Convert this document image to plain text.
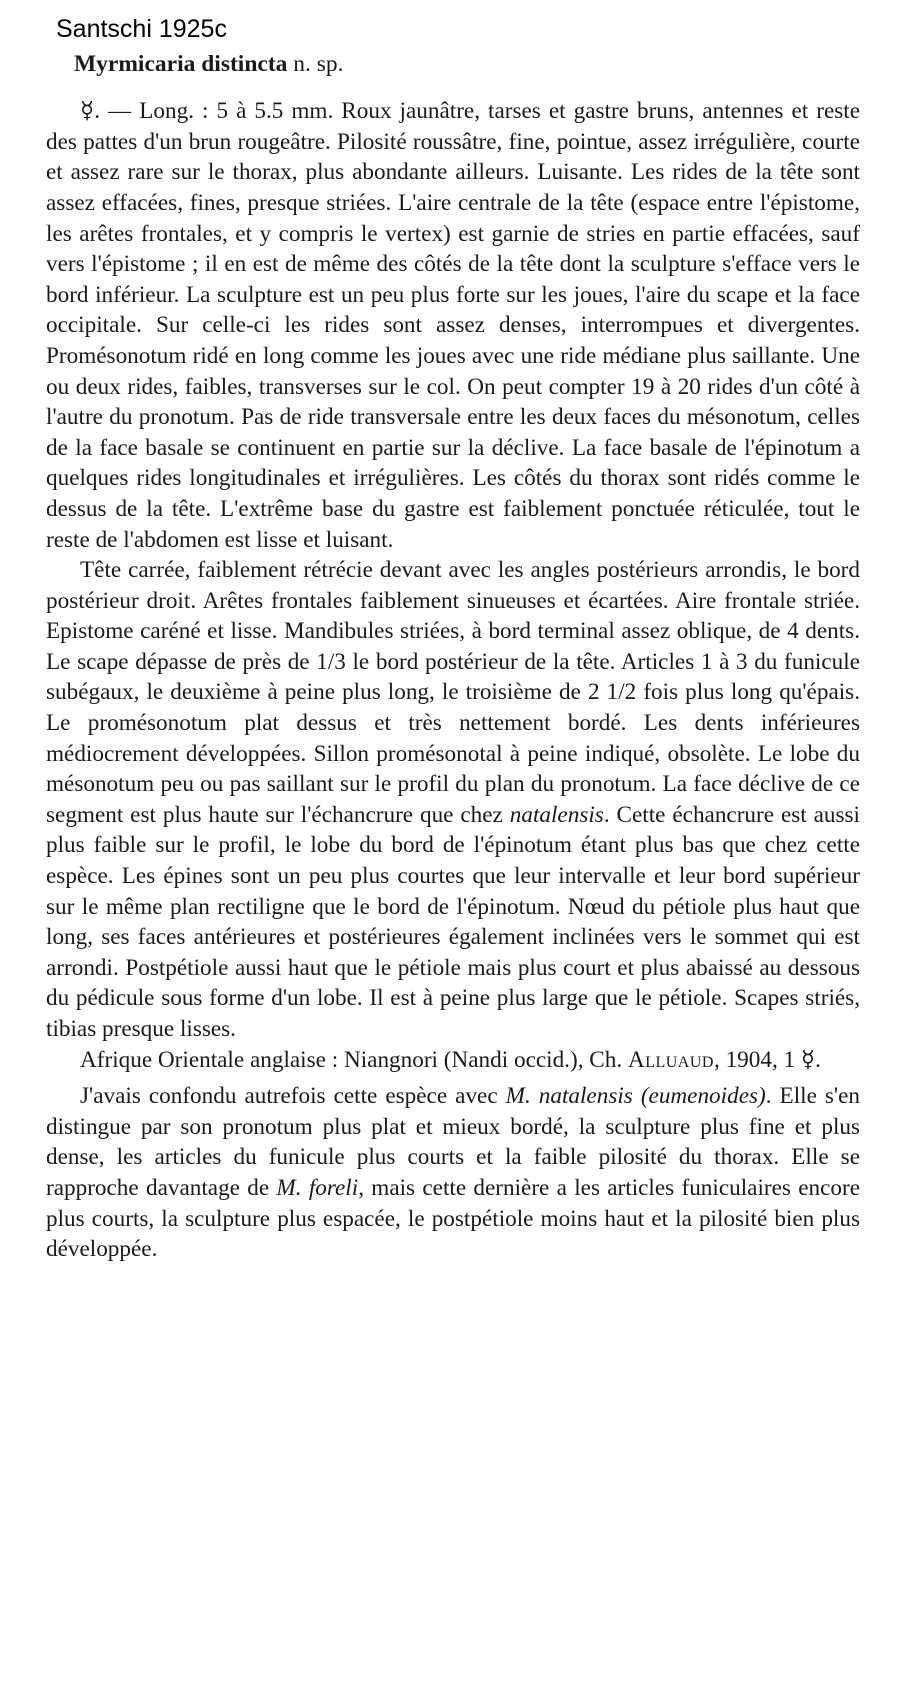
Santschi 1925c
Myrmicaria distincta n. sp.

☿. — Long. : 5 à 5.5 mm. Roux jaunâtre, tarses et gastre bruns, antennes et reste des pattes d'un brun rougeâtre. Pilosité roussâtre, fine, pointue, assez irrégulière, courte et assez rare sur le thorax, plus abondante ailleurs. Luisante. Les rides de la tête sont assez effacées, fines, presque striées. L'aire centrale de la tête (espace entre l'épistome, les arêtes frontales, et y compris le vertex) est garnie de stries en partie effacées, sauf vers l'épistome ; il en est de même des côtés de la tête dont la sculpture s'efface vers le bord inférieur. La sculpture est un peu plus forte sur les joues, l'aire du scape et la face occipitale. Sur celle-ci les rides sont assez denses, interrompues et divergentes. Promésonotum ridé en long comme les joues avec une ride médiane plus saillante. Une ou deux rides, faibles, transverses sur le col. On peut compter 19 à 20 rides d'un côté à l'autre du pronotum. Pas de ride transversale entre les deux faces du mésonotum, celles de la face basale se continuent en partie sur la déclive. La face basale de l'épinotum a quelques rides longitudinales et irrégulières. Les côtés du thorax sont ridés comme le dessus de la tête. L'extrême base du gastre est faiblement ponctuée réticulée, tout le reste de l'abdomen est lisse et luisant.

Tête carrée, faiblement rétrécie devant avec les angles postérieurs arrondis, le bord postérieur droit. Arêtes frontales faiblement sinueuses et écartées. Aire frontale striée. Epistome caréné et lisse. Mandibules striées, à bord terminal assez oblique, de 4 dents. Le scape dépasse de près de 1/3 le bord postérieur de la tête. Articles 1 à 3 du funicule subégaux, le deuxième à peine plus long, le troisième de 2 1/2 fois plus long qu'épais. Le promésonotum plat dessus et très nettement bordé. Les dents inférieures médiocrement développées. Sillon promésonotal à peine indiqué, obsolète. Le lobe du mésonotum peu ou pas saillant sur le profil du plan du pronotum. La face déclive de ce segment est plus haute sur l'échancrure que chez natalensis. Cette échancrure est aussi plus faible sur le profil, le lobe du bord de l'épinotum étant plus bas que chez cette espèce. Les épines sont un peu plus courtes que leur intervalle et leur bord supérieur sur le même plan rectiligne que le bord de l'épinotum. Nœud du pétiole plus haut que long, ses faces antérieures et postérieures également inclinées vers le sommet qui est arrondi. Postpétiole aussi haut que le pétiole mais plus court et plus abaissé au dessous du pédicule sous forme d'un lobe. Il est à peine plus large que le pétiole. Scapes striés, tibias presque lisses.

Afrique Orientale anglaise : Niangnori (Nandi occid.), Ch. Alluaud, 1904, 1 ☿.

J'avais confondu autrefois cette espèce avec M. natalensis (eumenoides). Elle s'en distingue par son pronotum plus plat et mieux bordé, la sculpture plus fine et plus dense, les articles du funicule plus courts et la faible pilosité du thorax. Elle se rapproche davantage de M. foreli, mais cette dernière a les articles funiculaires encore plus courts, la sculpture plus espacée, le postpétiole moins haut et la pilosité bien plus développée.
